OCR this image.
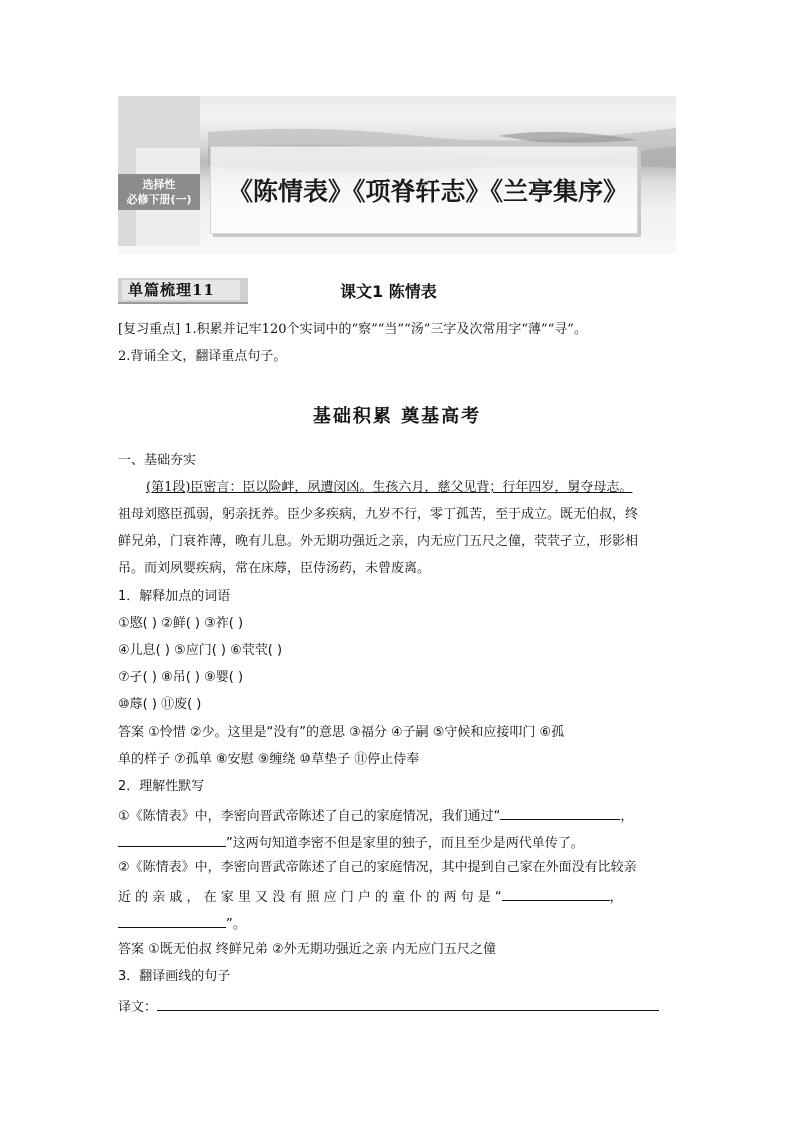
选择性
必修下册(一)	《陈情表》《项脊轩志》《兰亭集序》
单篇梳理11	课文1 陈情表
[复习重点] 1.积累并记牢120个实词中的“察”“当”“汤”三字及次常用字“薄”“寻”。
2.背诵全文，翻译重点句子。
基础积累 奠基高考
一、基础夯实
(第1段)臣密言：臣以险衅，夙遭闵凶。生孩六月，慈父见背；行年四岁，舅夺母志。
祖母刘愍臣孤弱，躬亲抚养。臣少多疾病，九岁不行，零丁孤苦，至于成立。既无伯叔，终
鲜兄弟，门衰祚薄，晚有儿息。外无期功强近之亲，内无应门五尺之僮，茕茕孑立，形影相
吊。而刘夙婴疾病，常在床蓐，臣侍汤药，未曾废离。
1．解释加点的词语
①愍( ) ②鲜( ) ③祚( )
④儿息( ) ⑤应门( ) ⑥茕茕( )
⑦孑( ) ⑧吊( ) ⑨婴( )
⑩蓐( ) ⑪废( )
答案 ①怜惜 ②少。这里是“没有”的意思 ③福分 ④子嗣 ⑤守候和应接叩门 ⑥孤
单的样子 ⑦孤单 ⑧安慰 ⑨缠绕 ⑩草垫子 ⑪停止侍奉
2．理解性默写
①《陈情表》中，李密向晋武帝陈述了自己的家庭情况，我们通过“	，
”这两句知道李密不但是家里的独子，而且至少是两代单传了。
②《陈情表》中，李密向晋武帝陈述了自己的家庭情况，其中提到自己家在外面没有比较亲
近 的 亲 戚 ， 在 家 里 又 没 有 照 应 门 户 的 童 仆 的 两 句 是 “	，
”。
答案 ①既无伯叔 终鲜兄弟 ②外无期功强近之亲 内无应门五尺之僮
3．翻译画线的句子
译文：
